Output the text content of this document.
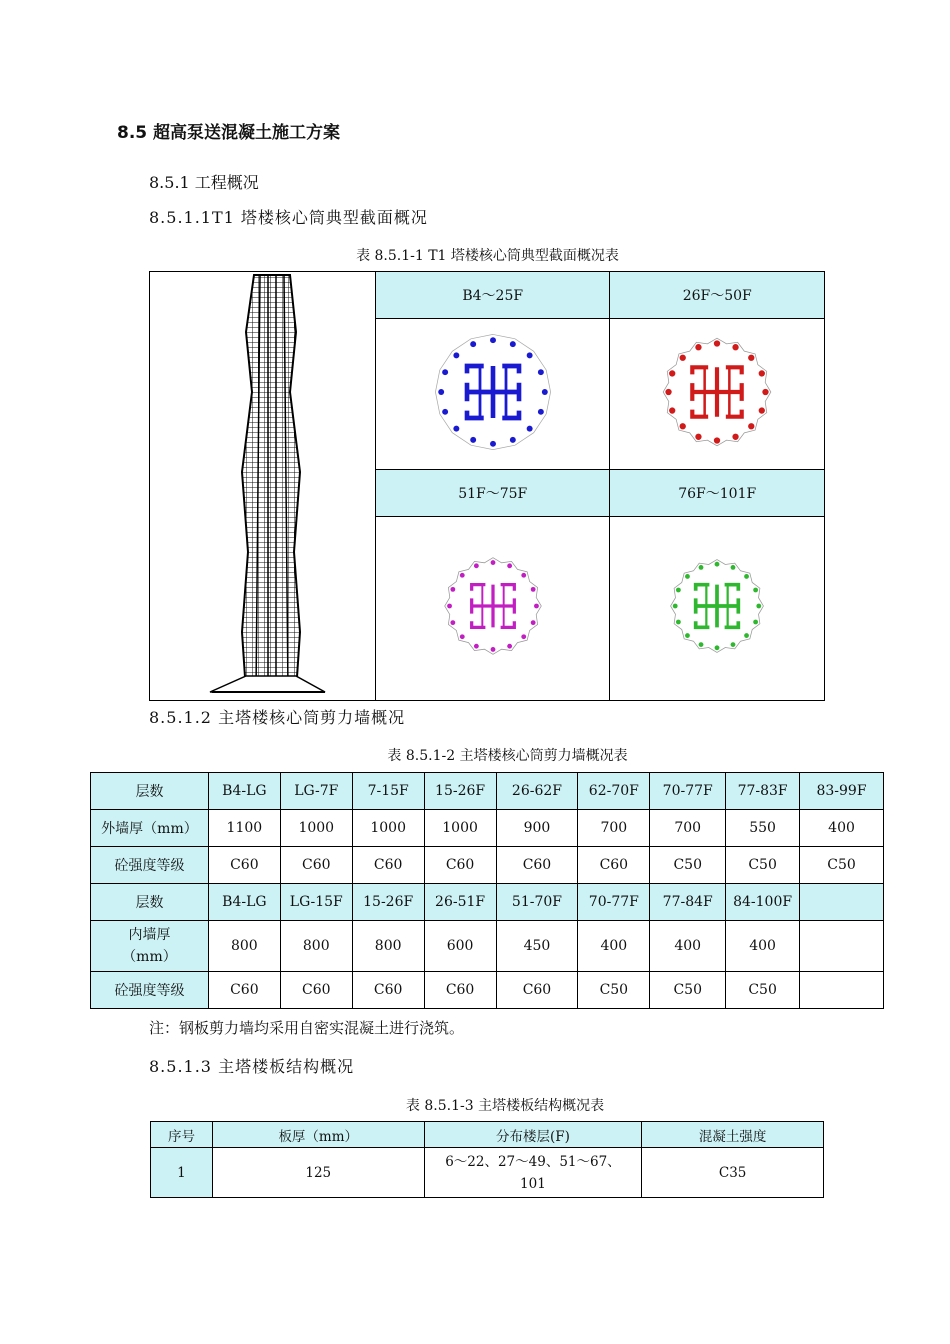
8.5 超高泵送混凝土施工方案
8.5.1 工程概况
8.5.1.1T1 塔楼核心筒典型截面概况
表 8.5.1-1 T1 塔楼核心筒典型截面概况表
	B4～25F	26F～50F

	51F～75F	76F～101F

8.5.1.2 主塔楼核心筒剪力墙概况
表 8.5.1-2 主塔楼核心筒剪力墙概况表
层数	B4-LG	LG-7F	7-15F	15-26F	26-62F	62-70F	70-77F	77-83F	83-99F
外墙厚（mm）	1100	1000	1000	1000	900	700	700	550	400
砼强度等级	C60	C60	C60	C60	C60	C60	C50	C50	C50
层数	B4-LG	LG-15F	15-26F	26-51F	51-70F	70-77F	77-84F	84-100F	
内墙厚（mm）	800	800	800	600	450	400	400	400	
砼强度等级	C60	C60	C60	C60	C60	C50	C50	C50	
注：钢板剪力墙均采用自密实混凝土进行浇筑。
8.5.1.3 主塔楼板结构概况
表 8.5.1-3 主塔楼板结构概况表
序号	板厚（mm）	分布楼层(F)	混凝土强度
1	125	6～22、27～49、51～67、101	C35
